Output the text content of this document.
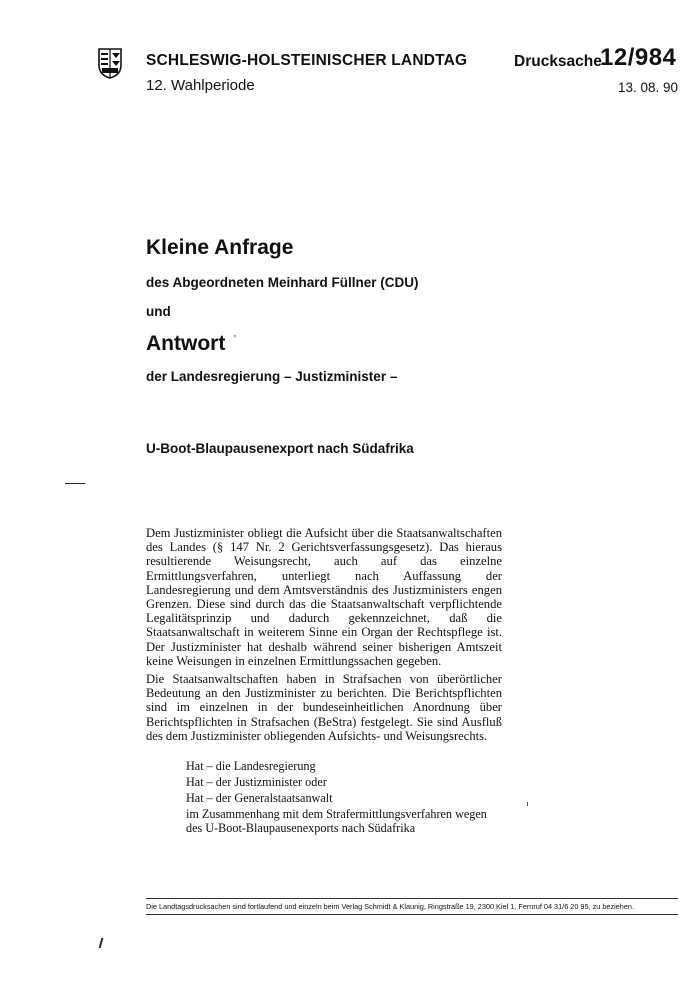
SCHLESWIG-HOLSTEINISCHER LANDTAG
12. Wahlperiode
Drucksache
12/984
13. 08. 90
Kleine Anfrage
des Abgeordneten Meinhard Füllner (CDU)
und
Antwort '
der Landesregierung – Justizminister –
U-Boot-Blaupausenexport nach Südafrika

Dem Justizminister obliegt die Aufsicht über die Staatsanwaltschaften des Landes (§ 147 Nr. 2 Gerichtsverfassungsgesetz). Das hieraus resultierende Weisungsrecht, auch auf das einzelne Ermittlungsverfahren, unterliegt nach Auffassung der Landesregierung und dem Amtsverständnis des Justizministers engen Grenzen. Diese sind durch das die Staatsanwaltschaft verpflichtende Legalitätsprinzip und dadurch gekennzeichnet, daß die Staatsanwaltschaft in weiterem Sinne ein Organ der Rechtspflege ist. Der Justizminister hat deshalb während seiner bisherigen Amtszeit keine Weisungen in einzelnen Ermittlungssachen gegeben.

Die Staatsanwaltschaften haben in Strafsachen von überörtlicher Bedeutung an den Justizminister zu berichten. Die Berichtspflichten sind im einzelnen in der bundeseinheitlichen Anordnung über Berichtspflichten in Strafsachen (BeStra) festgelegt. Sie sind Ausfluß des dem Justizminister obliegenden Aufsichts- und Weisungsrechts.

Hat – die Landesregierung
Hat – der Justizminister oder
Hat – der Generalstaatsanwalt
im Zusammenhang mit dem Strafermittlungsverfahren wegen des U-Boot-Blaupausenexports nach Südafrika
Die Landtagsdrucksachen sind fortlaufend und einzeln beim Verlag Schmidt & Klaunig, Ringstraße 19, 2300 Kiel 1, Fernruf 04 31/6 20 95, zu beziehen.
